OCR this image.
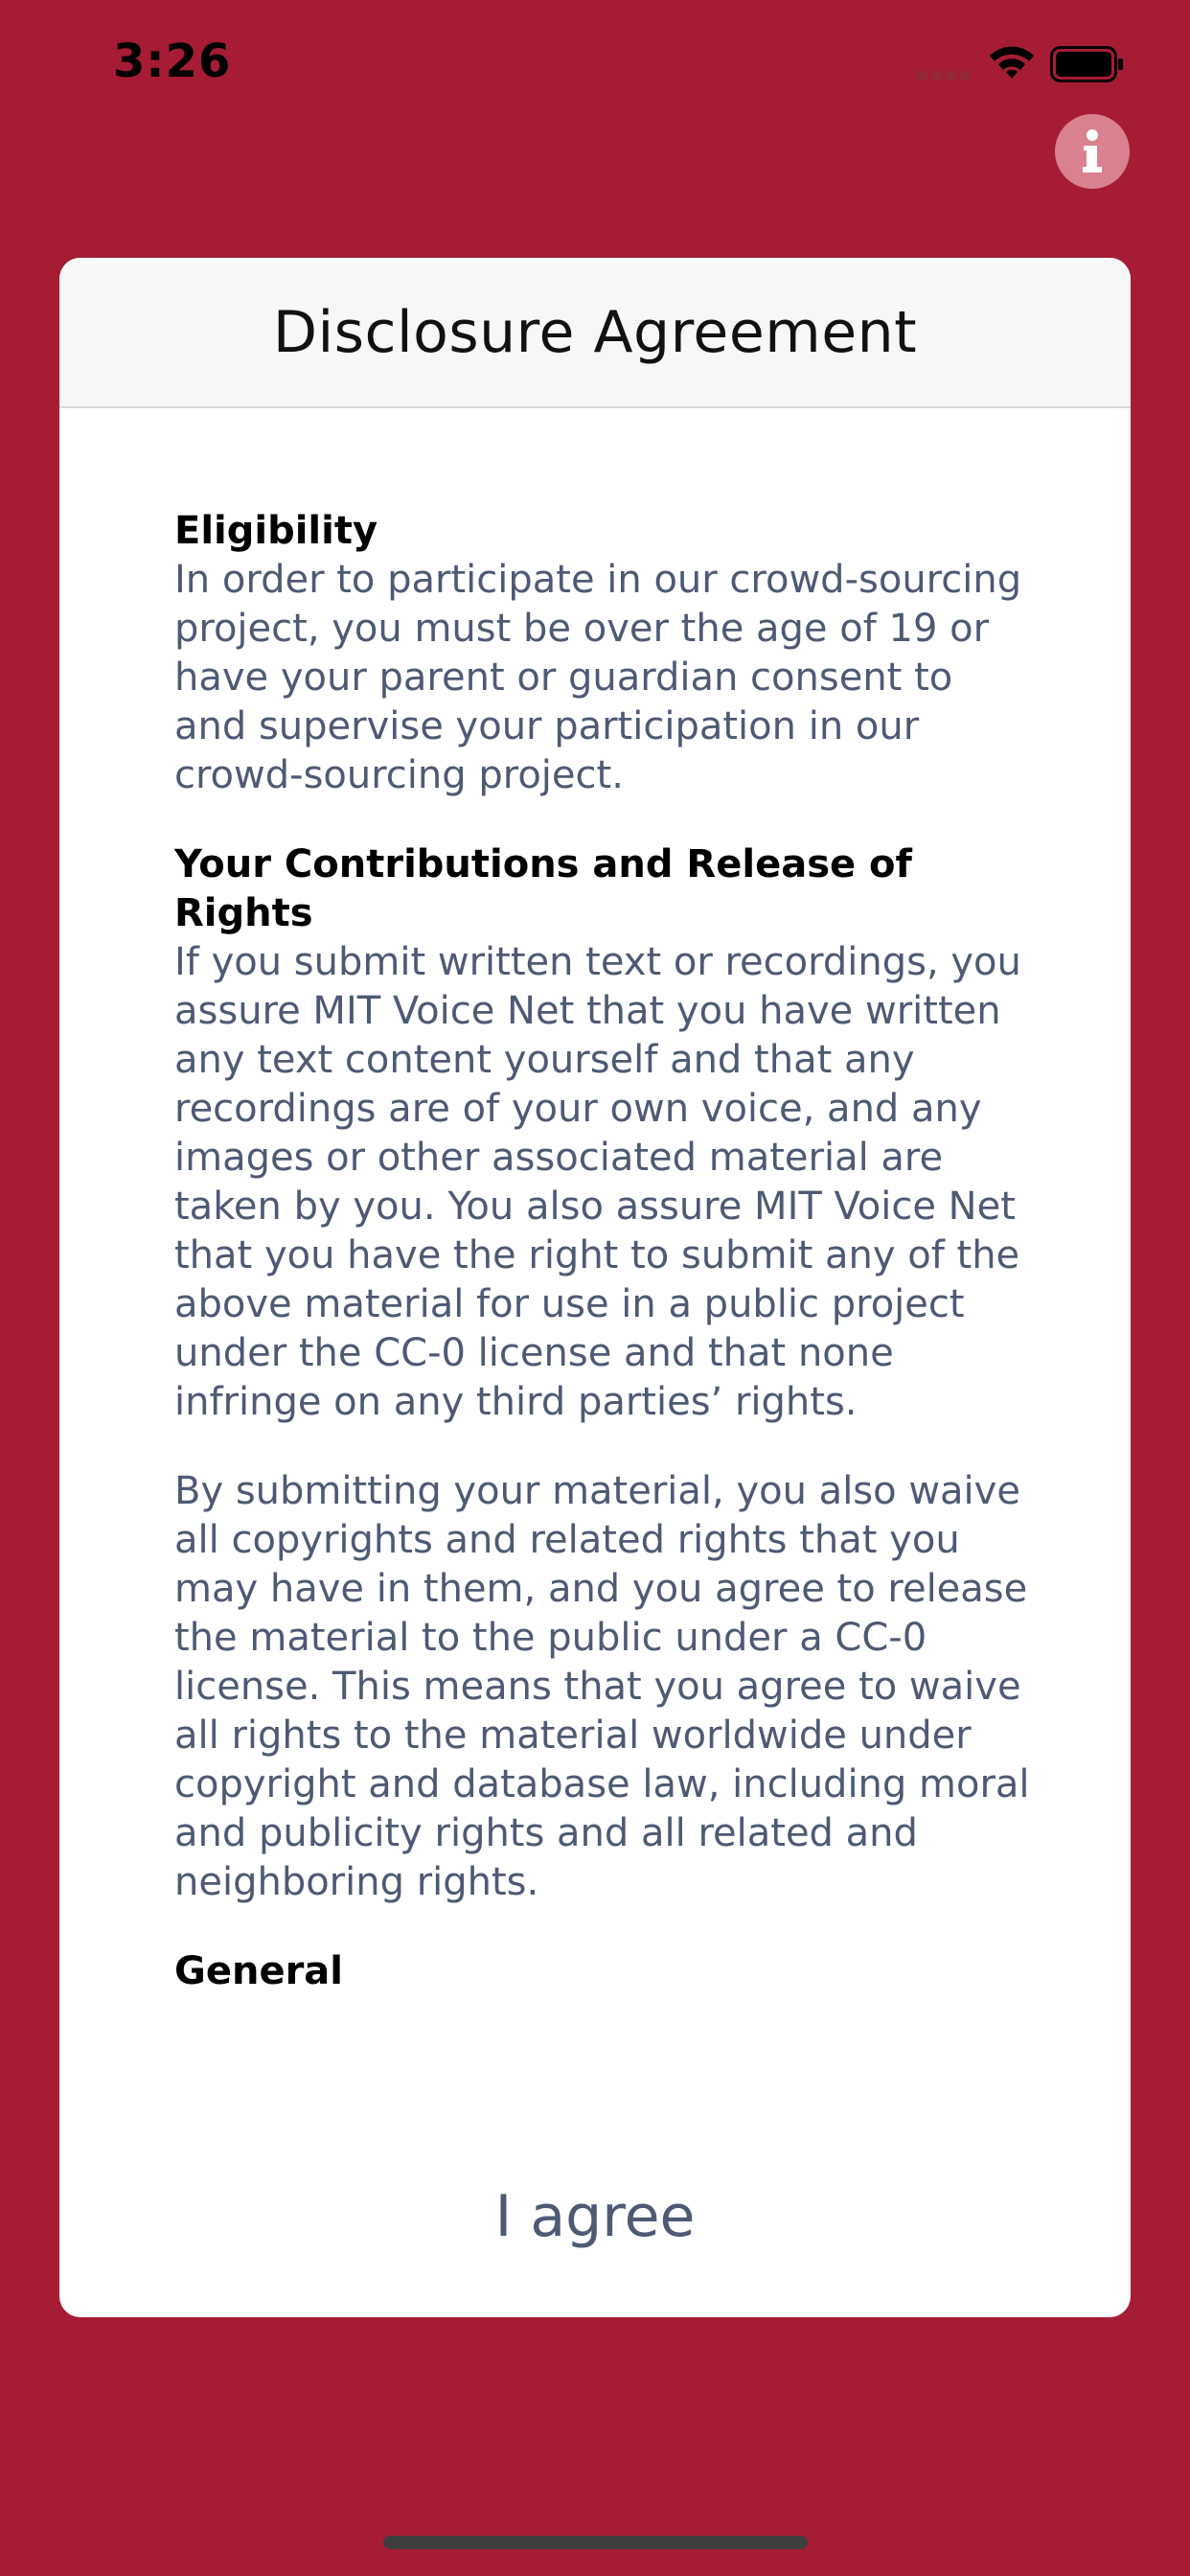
3:26
Disclosure Agreement
Eligibility
In order to participate in our crowd-sourcing project, you must be over the age of 19 or have your parent or guardian consent to and supervise your participation in our crowd-sourcing project.
Your Contributions and Release of Rights
If you submit written text or recordings, you assure MIT Voice Net that you have written any text content yourself and that any recordings are of your own voice, and any images or other associated material are taken by you. You also assure MIT Voice Net that you have the right to submit any of the above material for use in a public project under the CC-0 license and that none infringe on any third parties’ rights.
By submitting your material, you also waive all copyrights and related rights that you may have in them, and you agree to release the material to the public under a CC-0 license. This means that you agree to waive all rights to the material worldwide under copyright and database law, including moral and publicity rights and all related and neighboring rights.
General
I agree
